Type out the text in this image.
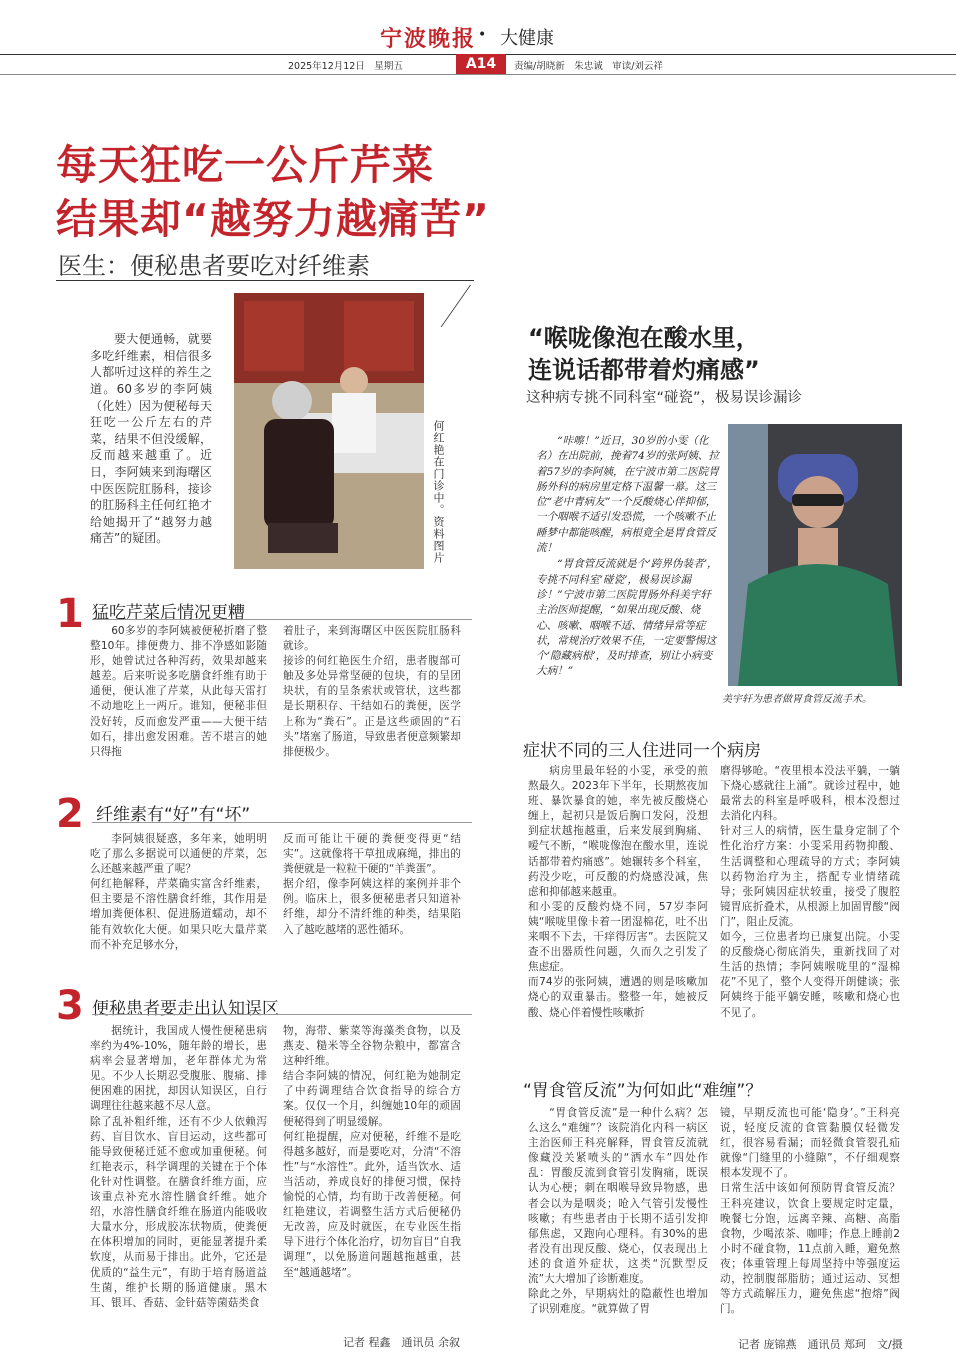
宁波晚报 • 大健康
2025年12月12日　星期五	A14	责编/胡晓新　朱忠诚　审读/刘云祥
每天狂吃一公斤芹菜
结果却“越努力越痛苦”
医生：便秘患者要吃对纤维素

要大便通畅，就要多吃纤维素，相信很多人都听过这样的养生之道。60多岁的李阿姨（化姓）因为便秘每天狂吃一公斤左右的芹菜，结果不但没缓解，反而越来越重了。近日，李阿姨来到海曙区中医医院肛肠科，接诊的肛肠科主任何红艳才给她揭开了“越努力越痛苦”的疑团。	何红艳在门诊中。资料图片
1 猛吃芹菜后情况更糟

60多岁的李阿姨被便秘折磨了整整10年。排便费力、排不净感如影随形，她曾试过各种泻药，效果却越来越差。后来听说多吃膳食纤维有助于通便，便认准了芹菜，从此每天雷打不动地吃上一两斤。谁知，便秘非但没好转，反而愈发严重——大便干结如石，排出愈发困难。苦不堪言的她只得拖

着肚子，来到海曙区中医医院肛肠科就诊。
接诊的何红艳医生介绍，患者腹部可触及多处异常坚硬的包块，有的呈团块状，有的呈条索状或管状，这些都是长期积存、干结如石的粪便，医学上称为“粪石”。正是这些顽固的“石头”堵塞了肠道，导致患者便意频繁却排便极少。
2 纤维素有“好”有“坏”

李阿姨很疑惑，多年来，她明明吃了那么多据说可以通便的芹菜，怎么还越来越严重了呢？
何红艳解释，芹菜确实富含纤维素，但主要是不溶性膳食纤维，其作用是增加粪便体积、促进肠道蠕动，却不能有效软化大便。如果只吃大量芹菜而不补充足够水分，

反而可能让干硬的粪便变得更“结实”。这就像将干草扭成麻绳，排出的粪便就是一粒粒干硬的“羊粪蛋”。
据介绍，像李阿姨这样的案例并非个例。临床上，很多便秘患者只知道补纤维，却分不清纤维的种类，结果陷入了越吃越堵的恶性循环。
3 便秘患者要走出认知误区

据统计，我国成人慢性便秘患病率约为4%-10%，随年龄的增长，患病率会显著增加，老年群体尤为常见。不少人长期忍受腹胀、腹痛、排便困难的困扰，却因认知误区，自行调理往往越来越不尽人意。
除了乱补粗纤维，还有不少人依赖泻药、盲目饮水、盲目运动，这些都可能导致便秘迁延不愈或加重便秘。何红艳表示，科学调理的关键在于个体化针对性调整。在膳食纤维方面，应该重点补充水溶性膳食纤维。她介绍，水溶性膳食纤维在肠道内能吸收大量水分，形成胶冻状物质，使粪便在体积增加的同时，更能显著提升柔软度，从而易于排出。此外，它还是优质的“益生元”，有助于培育肠道益生菌，维护长期的肠道健康。黑木耳、银耳、香菇、金针菇等菌菇类食

物，海带、紫菜等海藻类食物，以及燕麦、糙米等全谷物杂粮中，都富含这种纤维。
结合李阿姨的情况，何红艳为她制定了中药调理结合饮食指导的综合方案。仅仅一个月，纠缠她10年的顽固便秘得到了明显缓解。
何红艳提醒，应对便秘，纤维不是吃得越多越好，而是要吃对，分清“不溶性”与“水溶性”。此外，适当饮水、适当活动，养成良好的排便习惯，保持愉悦的心情，均有助于改善便秘。何红艳建议，若调整生活方式后便秘仍无改善，应及时就医，在专业医生指导下进行个体化治疗，切勿盲目“自我调理”，以免肠道问题越拖越重，甚至“越通越堵”。
记者 程鑫　通讯员 余叙
“喉咙像泡在酸水里，
连说话都带着灼痛感”
这种病专挑不同科室“碰瓷”，极易误诊漏诊

“咔嚓！”近日，30岁的小雯（化名）在出院前，挽着74岁的张阿姨、拉着57岁的李阿姨，在宁波市第二医院胃肠外科的病房里定格下温馨一幕。这三位“老中青病友”一个反酸烧心伴抑郁，一个咽喉不适引发恐慌，一个咳嗽不止睡梦中都能咳醒，病根竟全是胃食管反流！

“胃食管反流就是个‘跨界伪装者’，专挑不同科室‘碰瓷’，极易误诊漏诊！”宁波市第二医院胃肠外科美宇轩主治医师提醒，“如果出现反酸、烧心、咳嗽、咽喉不适、情绪异常等症状，常规治疗效果不佳，一定要警惕这个‘隐藏病根’，及时排查，别让小病变大病！”

美宇轩为患者做胃食管反流手术。
症状不同的三人住进同一个病房

病房里最年轻的小雯，承受的煎熬最久。2023年下半年，长期熬夜加班、暴饮暴食的她，率先被反酸烧心缠上，起初只是饭后胸口发闷，没想到症状越拖越重，后来发展到胸痛、嗳气不断，“喉咙像泡在酸水里，连说话都带着灼痛感”。她辗转多个科室，药没少吃，可反酸的灼烧感没减，焦虑和抑郁越来越重。
和小雯的反酸灼烧不同，57岁李阿姨“喉咙里像卡着一团湿棉花，吐不出来咽不下去，干痒得厉害”。去医院又查不出器质性问题，久而久之引发了焦虑症。
而74岁的张阿姨，遭遇的则是咳嗽加烧心的双重暴击。整整一年，她被反酸、烧心伴着慢性咳嗽折

磨得够呛。“夜里根本没法平躺，一躺下烧心感就往上涌”。就诊过程中，她最常去的科室是呼吸科，根本没想过去消化内科。
针对三人的病情，医生量身定制了个性化治疗方案：小雯采用药物抑酸、生活调整和心理疏导的方式；李阿姨以药物治疗为主，搭配专业情绪疏导；张阿姨因症状较重，接受了腹腔镜胃底折叠术，从根源上加固胃酸“阀门”，阻止反流。
如今，三位患者均已康复出院。小雯的反酸烧心彻底消失，重新找回了对生活的热情；李阿姨喉咙里的“湿棉花”不见了，整个人变得开朗健谈；张阿姨终于能平躺安睡，咳嗽和烧心也不见了。
“胃食管反流”为何如此“难缠”？

“胃食管反流”是一种什么病？怎么这么“难缠”？该院消化内科一病区主治医师王科亮解释，胃食管反流就像藏没关紧喷头的“洒水车”四处作乱：胃酸反流到食管引发胸痛，既误认为心梗；刺在咽喉导致异物感，患者会以为是咽炎；呛入气管引发慢性咳嗽；有些患者由于长期不适引发抑郁焦虑，又跑向心理科。有30%的患者没有出现反酸、烧心，仅表现出上述的食道外症状，这类“沉默型反流”大大增加了诊断难度。
除此之外，早期病灶的隐蔽性也增加了识别难度。“就算做了胃

镜，早期反流也可能‘隐身’。”王科亮说，轻度反流的食管黏膜仅轻微发红，很容易看漏；而轻微食管裂孔疝就像“门缝里的小缝隙”，不仔细观察根本发现不了。
日常生活中该如何预防胃食管反流？王科亮建议，饮食上要规定时定量，晚餐七分饱，远离辛辣、高糖、高脂食物，少喝浓茶、咖啡；作息上睡前2小时不碰食物，11点前入睡，避免熬夜；体重管理上每周坚持中等强度运动，控制腹部脂肪；通过运动、冥想等方式疏解压力，避免焦虑“抱熔”阀门。
记者 庞锦燕　通讯员 郑珂　文/摄
